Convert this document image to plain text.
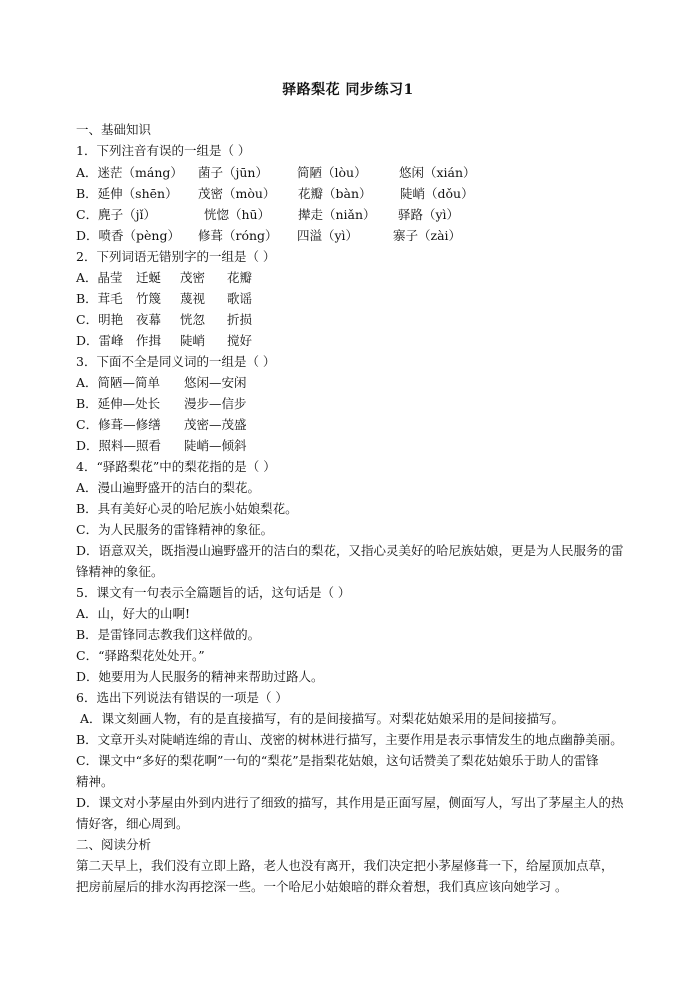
驿路梨花 同步练习1
一、基础知识
1．下列注音有误的一组是（ ）
A．迷茫（máng）	菌子（jūn）	简陋（lòu）	悠闲（xián）
B．延伸（shēn）	茂密（mòu）	花瓣（bàn）	陡峭（dǒu）
C．麂子（jǐ）	恍惚（hū）	撵走（niǎn）	驿路（yì）
D．喷香（pèng）	修葺（róng）	四溢（yì）	寨子（zài）
2．下列词语无错别字的一组是（ ）
A．晶莹	迁蜒	茂密	花瓣
B．茸毛	竹篾	蔑视	歌谣
C．明艳	夜幕	恍忽	折损
D．雷峰 作揖	陡峭	搅好
3．下面不全是同义词的一组是（ ）
A．简陋—简单	悠闲—安闲
B．延伸—处长	漫步—信步
C．修葺—修缮	茂密—茂盛
D．照料—照看	陡峭—倾斜
4．“驿路梨花”中的梨花指的是（ ）
A．漫山遍野盛开的洁白的梨花。
B．具有美好心灵的哈尼族小姑娘梨花。
C．为人民服务的雷锋精神的象征。
D．语意双关，既指漫山遍野盛开的洁白的梨花，又指心灵美好的哈尼族姑娘，更是为人民服务的雷
锋精神的象征。
5．课文有一句表示全篇题旨的话，这句话是（ ）
A．山，好大的山啊!
B．是雷锋同志教我们这样做的。
C．“驿路梨花处处开。”
D．她要用为人民服务的精神来帮助过路人。
6．选出下列说法有错误的一项是（ ）
A．课文刻画人物，有的是直接描写，有的是间接描写。对梨花姑娘采用的是间接描写。
B．文章开头对陡峭连绵的青山、茂密的树林进行描写，主要作用是表示事情发生的地点幽静美丽。
C．课文中“多好的梨花啊”一句的“梨花”是指梨花姑娘，这句话赞美了梨花姑娘乐于助人的雷锋
精神。
D．课文对小茅屋由外到内进行了细致的描写，其作用是正面写屋，侧面写人，写出了茅屋主人的热
情好客，细心周到。
二、阅读分析
第二天早上，我们没有立即上路，老人也没有离开，我们决定把小茅屋修葺一下，给屋顶加点草，
把房前屋后的排水沟再挖深一些。一个哈尼小姑娘暗的群众着想，我们真应该向她学习 。
